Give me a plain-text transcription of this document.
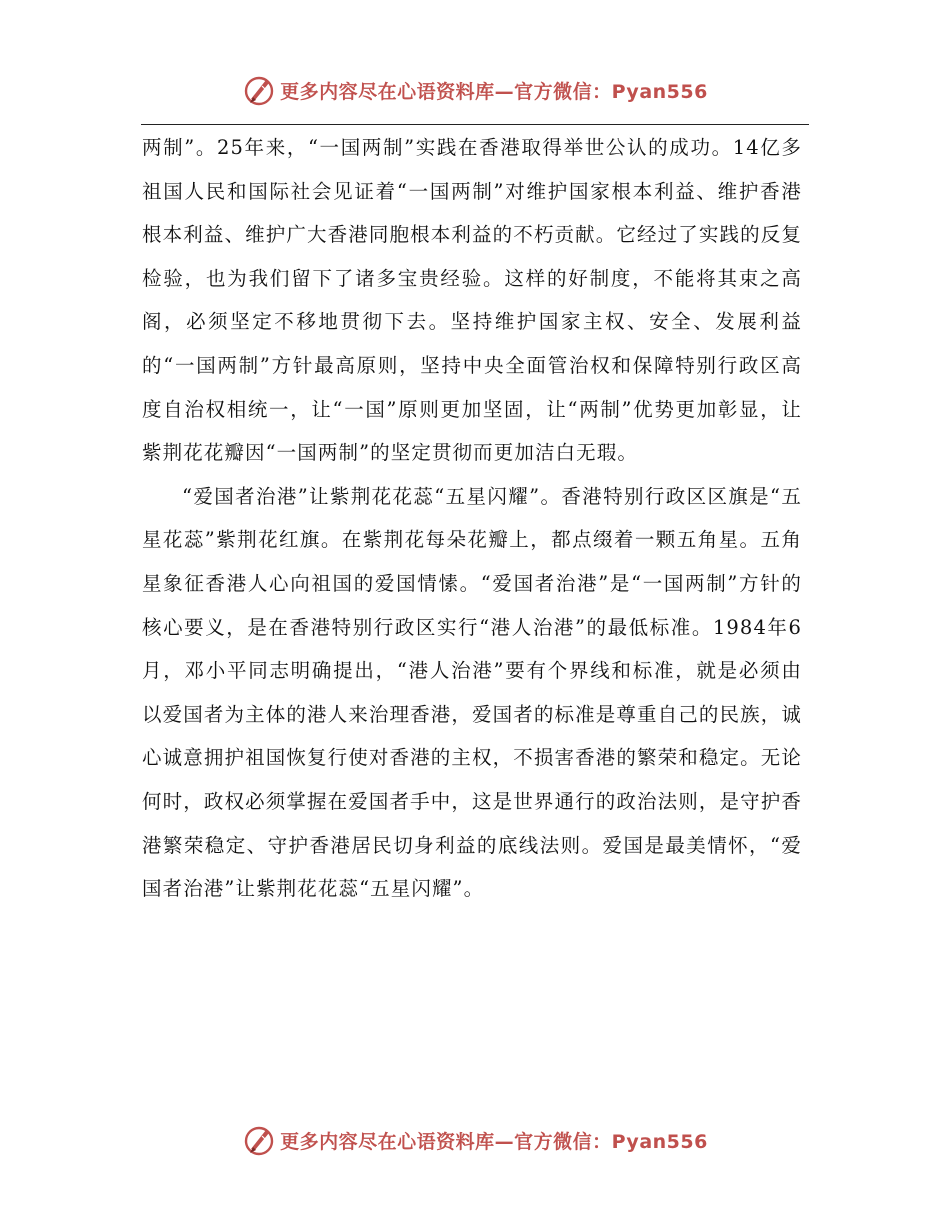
更多内容尽在心语资料库—官方微信：Pyan556

两制”。25年来，“一国两制”实践在香港取得举世公认的成功。14亿多祖国人民和国际社会见证着“一国两制”对维护国家根本利益、维护香港根本利益、维护广大香港同胞根本利益的不朽贡献。它经过了实践的反复检验，也为我们留下了诸多宝贵经验。这样的好制度，不能将其束之高阁，必须坚定不移地贯彻下去。坚持维护国家主权、安全、发展利益的“一国两制”方针最高原则，坚持中央全面管治权和保障特别行政区高度自治权相统一，让“一国”原则更加坚固，让“两制”优势更加彰显，让紫荆花花瓣因“一国两制”的坚定贯彻而更加洁白无瑕。

“爱国者治港”让紫荆花花蕊“五星闪耀”。香港特别行政区区旗是“五星花蕊”紫荆花红旗。在紫荆花每朵花瓣上，都点缀着一颗五角星。五角星象征香港人心向祖国的爱国情愫。“爱国者治港”是“一国两制”方针的核心要义，是在香港特别行政区实行“港人治港”的最低标准。1984年6月，邓小平同志明确提出，“港人治港”要有个界线和标准，就是必须由以爱国者为主体的港人来治理香港，爱国者的标准是尊重自己的民族，诚心诚意拥护祖国恢复行使对香港的主权，不损害香港的繁荣和稳定。无论何时，政权必须掌握在爱国者手中，这是世界通行的政治法则，是守护香港繁荣稳定、守护香港居民切身利益的底线法则。爱国是最美情怀，“爱国者治港”让紫荆花花蕊“五星闪耀”。

更多内容尽在心语资料库—官方微信：Pyan556
